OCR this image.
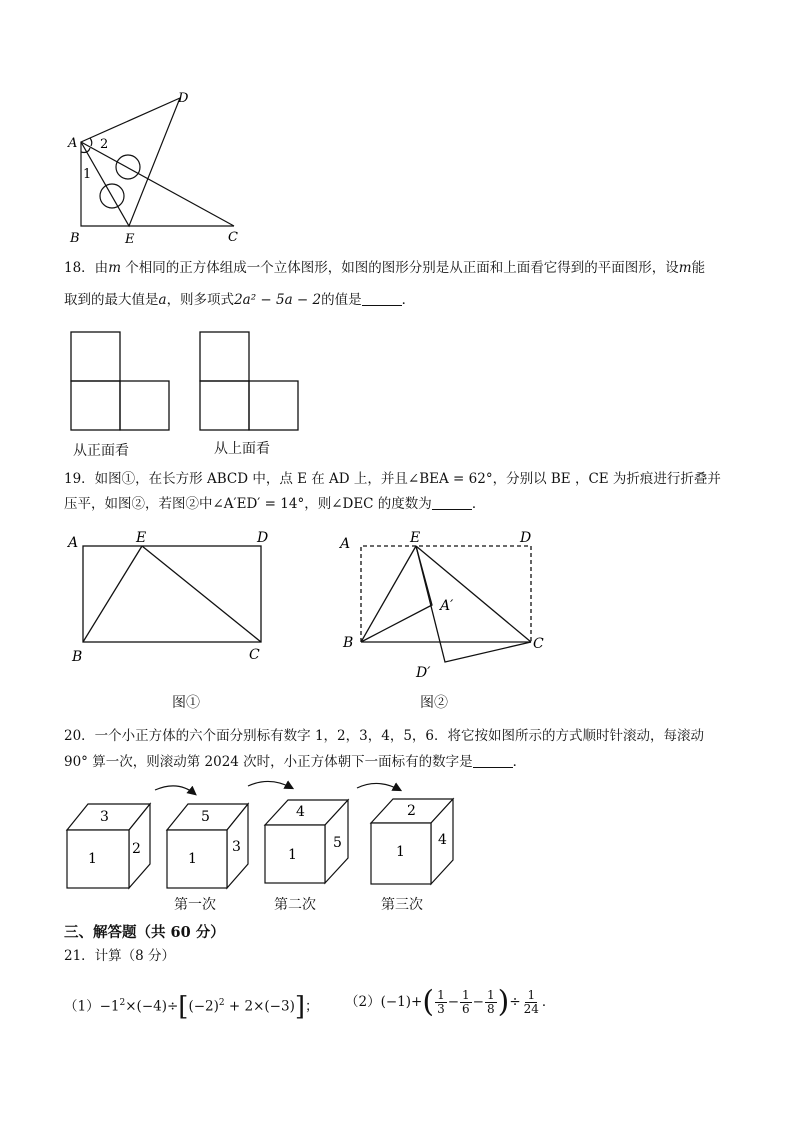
A
D
B	E	C
1
2
18．由m 个相同的正方体组成一个立体图形，如图的图形分别是从正面和上面看它得到的平面图形，设m能
取到的最大值是a，则多项式2a² − 5a − 2的值是	．
从正面看	从上面看
19．如图①，在长方形 ABCD 中，点 E 在 AD 上，并且∠BEA = 62°，分别以 BE ，CE 为折痕进行折叠并
压平，如图②，若图②中∠A′ED′ = 14°，则∠DEC 的度数为	．
A	E	D
B	C
图①
A	E	D
B	C
A′
D′
图②
20．一个小正方体的六个面分别标有数字 1，2，3，4，5，6．将它按如图所示的方式顺时针滚动，每滚动
90° 算一次，则滚动第 2024 次时，小正方体朝下一面标有的数字是	．
3
1
2
5
1
3
4
1
5
2
1
4
第一次	第二次	第三次
三、解答题（共 60 分）
21．计算（8 分）
$(1)-1^2\times(-4)\div[(-2)^2 + 2\times(-3)]$； $(2)(-1)+( \frac{1}{3} - \frac{1}{6} - \frac{1}{8}$ )÷ $\frac{1}{24}$ ．
